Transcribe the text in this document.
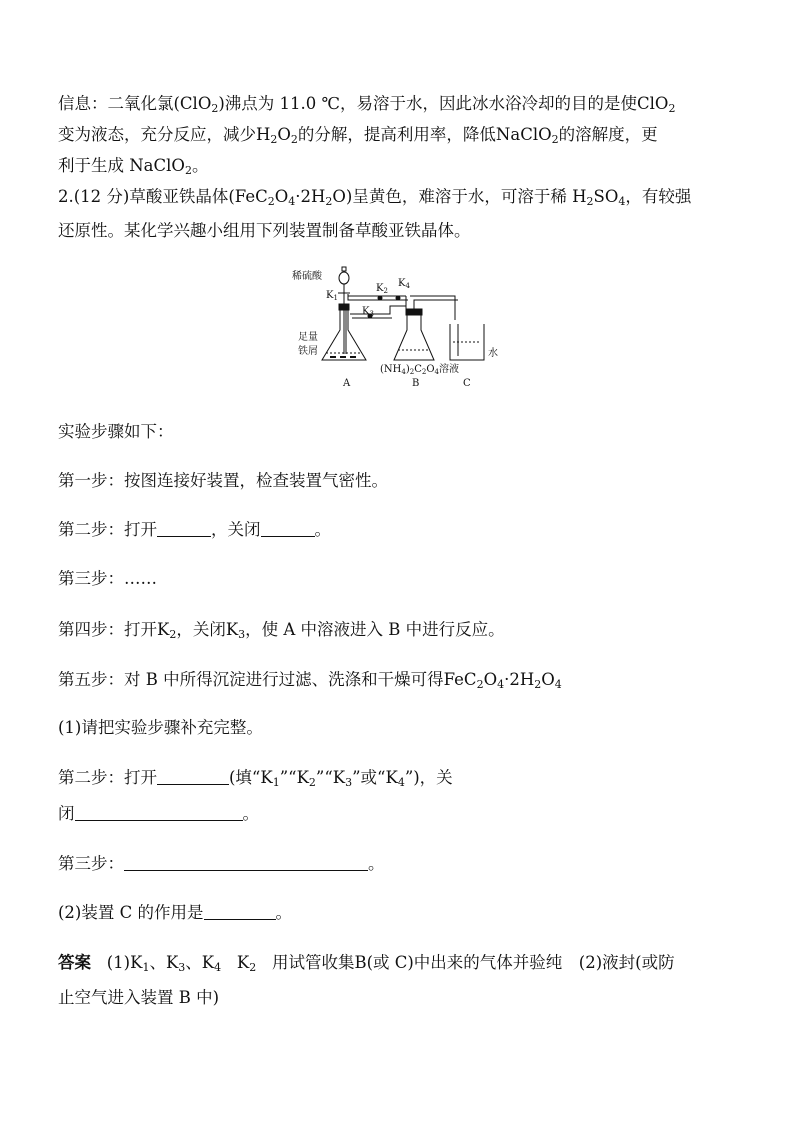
信息：二氧化氯(ClO$_2$)沸点为 11.0 ℃，易溶于水，因此冰水浴冷却的目的是使ClO$_2$
变为液态，充分反应，减少$H_2O_2$的分解，提高利用率，降低NaClO$_2$的溶解度，更
利于生成 NaClO$_2$。
2.(12 分)草酸亚铁晶体$(FeC_2O_4\cdot 2H_2O)$呈黄色，难溶于水，可溶于稀 $H_2SO_4$，有较强
还原性。某化学兴趣小组用下列装置制备草酸亚铁晶体。
稀硫酸
$K_1$
$K_2$
$K_4$
$K_3$
足量
铁屑	水
$(NH_4)_2C_2O_4$溶液
A	B	C
实验步骤如下：
第一步：按图连接好装置，检查装置气密性。
第二步：打开	，关闭	。
第三步：……
第四步：打开$K_2$，关闭$K_3$，使 A 中溶液进入 B 中进行反应。
第五步：对 B 中所得沉淀进行过滤、洗涤和干燥可得$FeC_2O_4\cdot 2H_2O_4$
(1)请把实验步骤补充完整。
第二步：打开	(填“$K_1”“K_2”“K_3$”或“$K_4$”)，关
闭	。
第三步：	。
(2)装置 C 的作用是	。
答案 $(1)K_1$、$K_3$、$K_4$ $K_2$ 用试管收集B(或 C)中出来的气体并验纯　(2)液封(或防
止空气进入装置 B 中)
